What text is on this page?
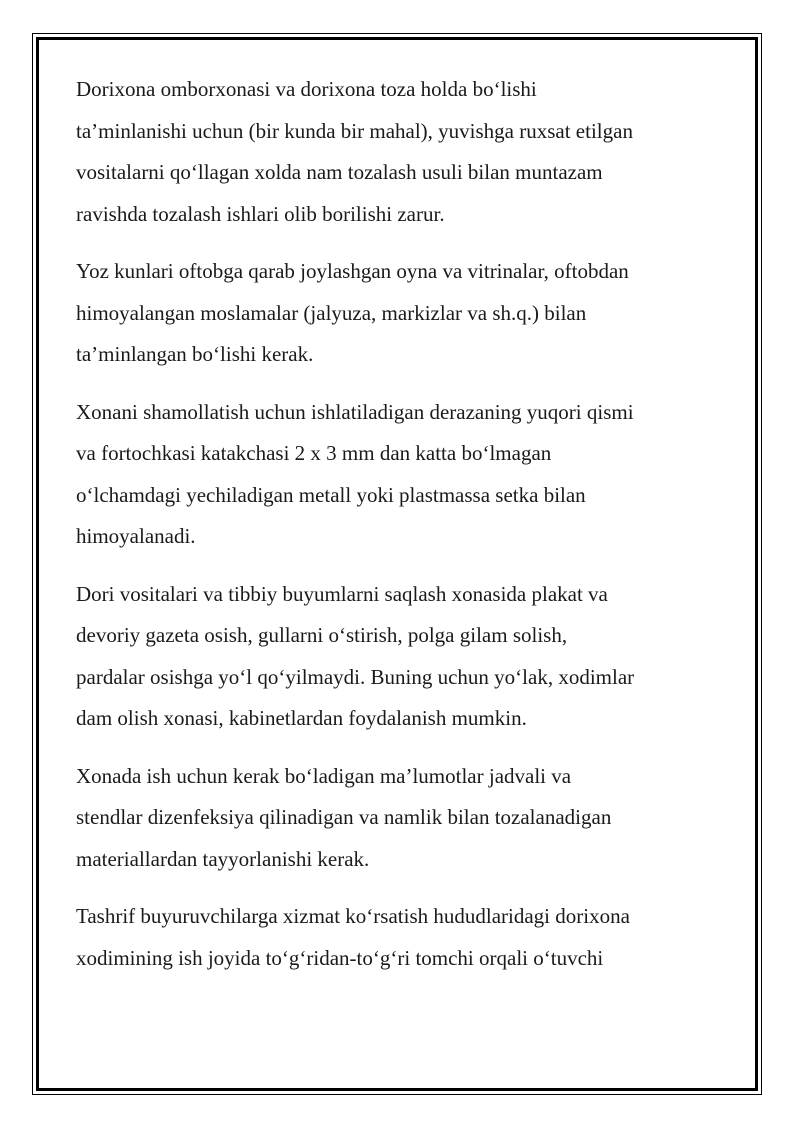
Dorixona omborxonasi va dorixona toza holda bo‘lishi
ta’minlanishi uchun (bir kunda bir mahal), yuvishga ruxsat etilgan
vositalarni qo‘llagan xolda nam tozalash usuli bilan muntazam
ravishda tozalash ishlari olib borilishi zarur.

Yoz kunlari oftobga qarab joylashgan oyna va vitrinalar, oftobdan
himoyalangan moslamalar (jalyuza, markizlar va sh.q.) bilan
ta’minlangan bo‘lishi kerak.

Xonani shamollatish uchun ishlatiladigan derazaning yuqori qismi
va fortochkasi katakchasi 2 x 3 mm dan katta bo‘lmagan
o‘lchamdagi yechiladigan metall yoki plastmassa setka bilan
himoyalanadi.

Dori vositalari va tibbiy buyumlarni saqlash xonasida plakat va
devoriy gazeta osish, gullarni o‘stirish, polga gilam solish,
pardalar osishga yo‘l qo‘yilmaydi. Buning uchun yo‘lak, xodimlar
dam olish xonasi, kabinetlardan foydalanish mumkin.

Xonada ish uchun kerak bo‘ladigan ma’lumotlar jadvali va
stendlar dizenfeksiya qilinadigan va namlik bilan tozalanadigan
materiallardan tayyorlanishi kerak.

Tashrif buyuruvchilarga xizmat ko‘rsatish hududlaridagi dorixona
xodimining ish joyida to‘g‘ridan-to‘g‘ri tomchi orqali o‘tuvchi
